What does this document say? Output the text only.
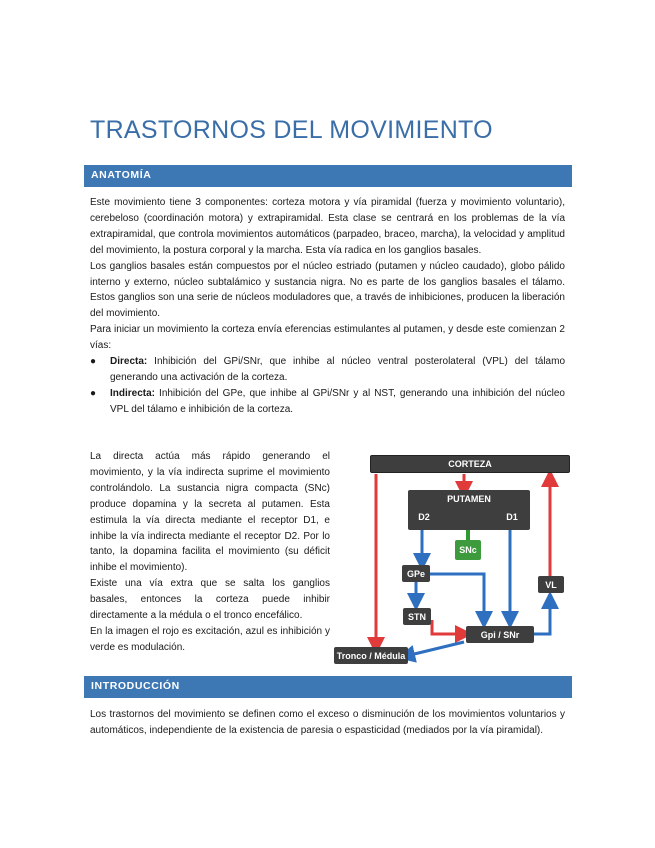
TRASTORNOS DEL MOVIMIENTO
ANATOMÍA

Este movimiento tiene 3 componentes: corteza motora y vía piramidal (fuerza y movimiento voluntario), cerebeloso (coordinación motora) y extrapiramidal. Esta clase se centrará en los problemas de la vía extrapiramidal, que controla movimientos automáticos (parpadeo, braceo, marcha), la velocidad y amplitud del movimiento, la postura corporal y la marcha. Esta vía radica en los ganglios basales.

Los ganglios basales están compuestos por el núcleo estriado (putamen y núcleo caudado), globo pálido interno y externo, núcleo subtalámico y sustancia nigra. No es parte de los ganglios basales el tálamo. Estos ganglios son una serie de núcleos moduladores que, a través de inhibiciones, producen la liberación del movimiento.

Para iniciar un movimiento la corteza envía eferencias estimulantes al putamen, y desde este comienzan 2 vías:

● Directa: Inhibición del GPi/SNr, que inhibe al núcleo ventral posterolateral (VPL) del tálamo generando una activación de la corteza.
● Indirecta: Inhibición del GPe, que inhibe al GPi/SNr y al NST, generando una inhibición del núcleo VPL del tálamo e inhibición de la corteza.

La directa actúa más rápido generando el movimiento, y la vía indirecta suprime el movimiento controlándolo. La sustancia nigra compacta (SNc) produce dopamina y la secreta al putamen. Esta estimula la vía directa mediante el receptor D1, e inhibe la vía indirecta mediante el receptor D2. Por lo tanto, la dopamina facilita el movimiento (su déficit inhibe el movimiento).

Existe una vía extra que se salta los ganglios basales, entonces la corteza puede inhibir directamente a la médula o el tronco encefálico.

En la imagen el rojo es excitación, azul es inhibición y verde es modulación.

CORTEZA
PUTAMEN
D2	D1
SNc
GPe
STN
Gpi / SNr
VL
Tronco / Médula
INTRODUCCIÓN

Los trastornos del movimiento se definen como el exceso o disminución de los movimientos voluntarios y automáticos, independiente de la existencia de paresia o espasticidad (mediados por la vía piramidal).
